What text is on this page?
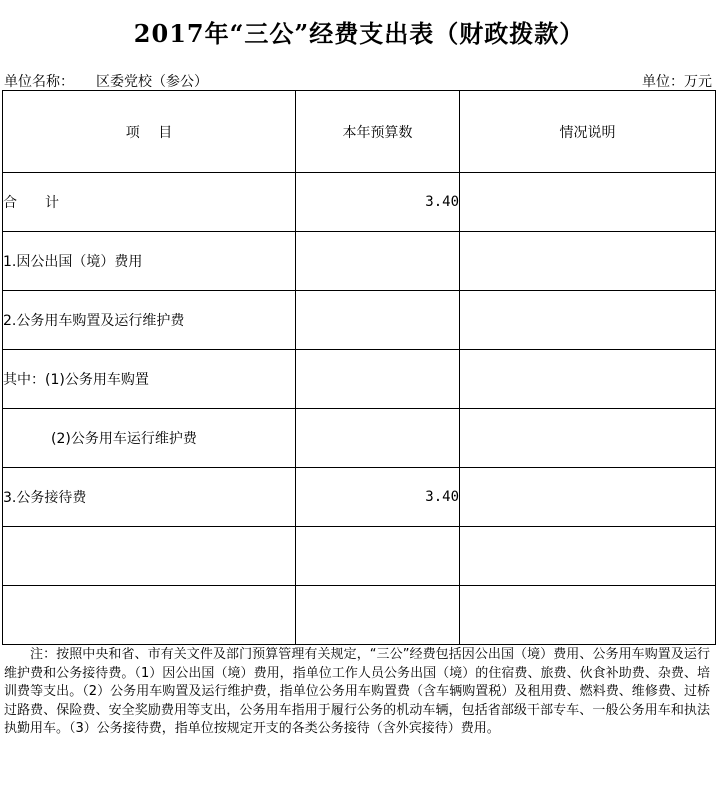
2017年“三公”经费支出表（财政拨款）
单位名称： 区委党校（参公）	单位：万元
项　 目	本年预算数	情况说明
合　　计	3.40	
1.因公出国（境）费用		
2.公务用车购置及运行维护费		
其中：(1)公务用车购置		
(2)公务用车运行维护费		
3.公务接待费	3.40	

注：按照中央和省、市有关文件及部门预算管理有关规定，“三公”经费包括因公出国（境）费用、公务用车购置及运行维护费和公务接待费。（1）因公出国（境）费用，指单位工作人员公务出国（境）的住宿费、旅费、伙食补助费、杂费、培训费等支出。（2）公务用车购置及运行维护费，指单位公务用车购置费（含车辆购置税）及租用费、燃料费、维修费、过桥过路费、保险费、安全奖励费用等支出，公务用车指用于履行公务的机动车辆，包括省部级干部专车、一般公务用车和执法执勤用车。（3）公务接待费，指单位按规定开支的各类公务接待（含外宾接待）费用。
